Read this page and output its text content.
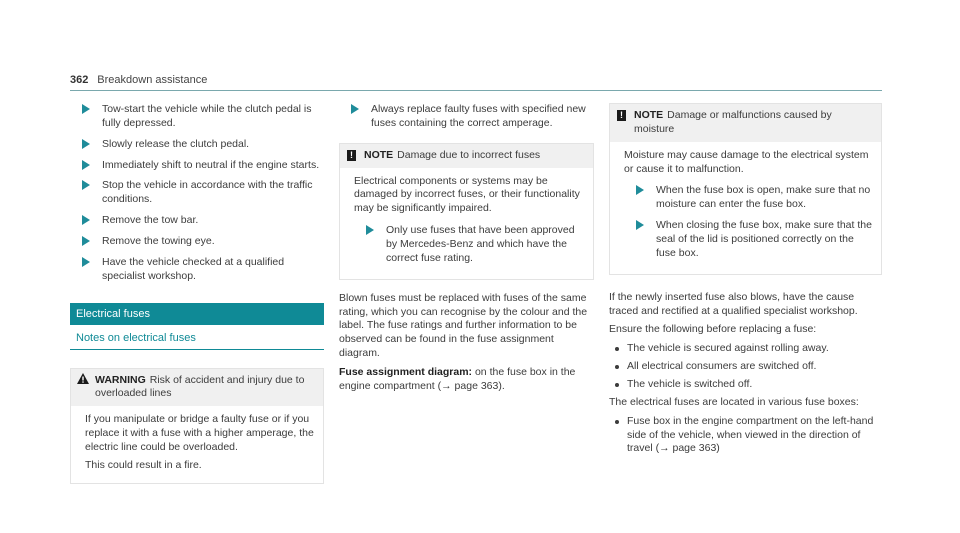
362 Breakdown assistance
Tow-start the vehicle while the clutch pedal is fully depressed.
Slowly release the clutch pedal.
Immediately shift to neutral if the engine starts.
Stop the vehicle in accordance with the traffic conditions.
Remove the tow bar.
Remove the towing eye.
Have the vehicle checked at a qualified specialist workshop.
Electrical fuses
Notes on electrical fuses
WARNING Risk of accident and injury due to overloaded lines

If you manipulate or bridge a faulty fuse or if you replace it with a fuse with a higher amperage, the electric line could be overloaded.

This could result in a fire.

Always replace faulty fuses with specified new fuses containing the correct amperage.
! NOTE Damage due to incorrect fuses

Electrical components or systems may be damaged by incorrect fuses, or their functionality may be significantly impaired.

Only use fuses that have been approved by Mercedes-Benz and which have the correct fuse rating.

Blown fuses must be replaced with fuses of the same rating, which you can recognise by the colour and the label. The fuse ratings and further information to be observed can be found in the fuse assignment diagram.

Fuse assignment diagram: on the fuse box in the engine compartment (→ page 363).

! NOTE Damage or malfunctions caused by moisture

Moisture may cause damage to the electrical system or cause it to malfunction.

When the fuse box is open, make sure that no moisture can enter the fuse box.
When closing the fuse box, make sure that the seal of the lid is positioned correctly on the fuse box.

If the newly inserted fuse also blows, have the cause traced and rectified at a qualified specialist workshop.

Ensure the following before replacing a fuse:

The vehicle is secured against rolling away.
All electrical consumers are switched off.
The vehicle is switched off.

The electrical fuses are located in various fuse boxes:

Fuse box in the engine compartment on the left-hand side of the vehicle, when viewed in the direction of travel (→ page 363)
